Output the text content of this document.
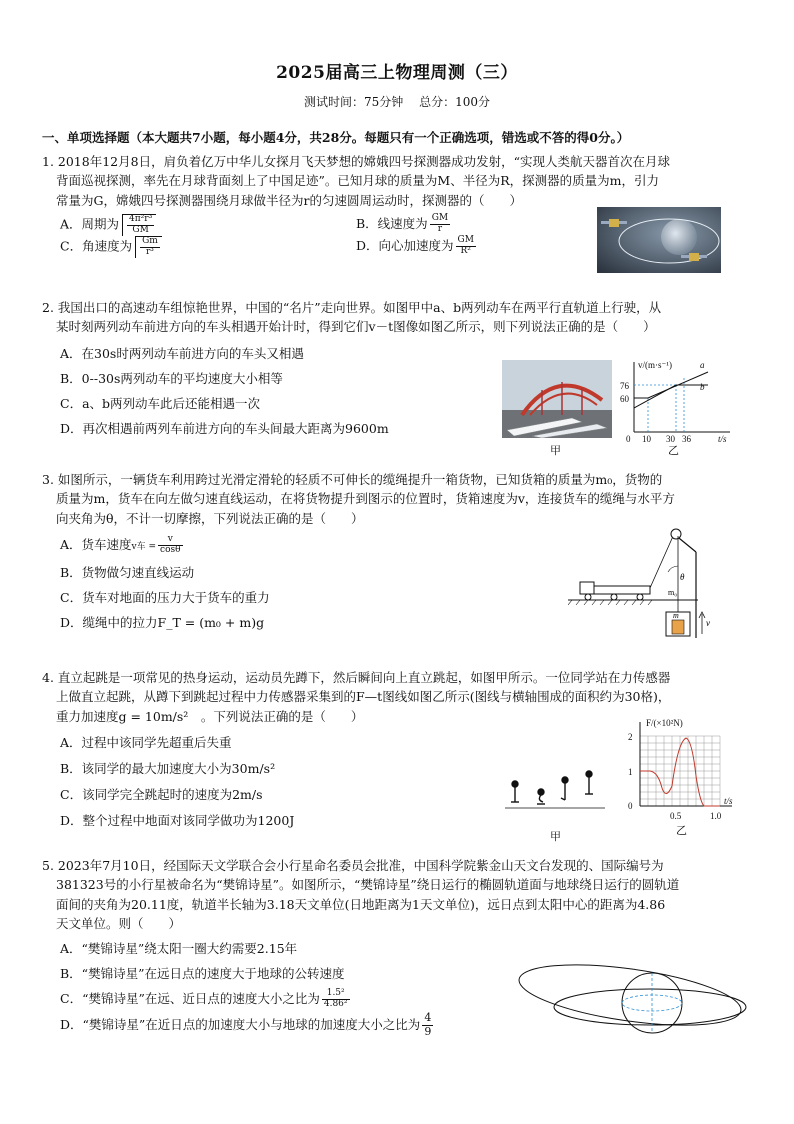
2025届高三上物理周测（三）
测试时间：75分钟 总分：100分
一、单项选择题（本大题共7小题，每小题4分，共28分。每题只有一个正确选项，错选或不答的得0分。）
1. 2018年12月8日，肩负着亿万中华儿女探月飞天梦想的嫦娥四号探测器成功发射，“实现人类航天器首次在月球
背面巡视探测，率先在月球背面刻上了中国足迹”。已知月球的质量为M、半径为R，探测器的质量为m，引力
常量为G，嫦娥四号探测器围绕月球做半径为r的匀速圆周运动时，探测器的（　　）
A．周期为 $\frac{\text{4π²r³}}{GM}$	B．线速度为 $\frac{GM}{r}$
C．角速度为 $\frac{Gm}{\text{r³}}$	D．向心加速度为 $\frac{GM}{\text{R²}}$
2. 我国出口的高速动车组惊艳世界，中国的“名片”走向世界。如图甲中a、b两列动车在两平行直轨道上行驶，从
某时刻两列动车前进方向的车头相遇开始计时，得到它们v－t图像如图乙所示，则下列说法正确的是（　　）
A．在30s时两列动车前进方向的车头又相遇
B．0--30s两列动车的平均速度大小相等
C．a、b两列动车此后还能相遇一次
D．再次相遇前两列车前进方向的车头间最大距离为9600m
甲
v/(m·s⁻¹)
t/s
76
60
0 10 30 36
a
b
乙
3. 如图所示，一辆货车利用跨过光滑定滑轮的轻质不可伸长的缆绳提升一箱货物，已知货箱的质量为m₀，货物的
质量为m，货车在向左做匀速直线运动，在将货物提升到图示的位置时，货箱速度为v，连接货车的缆绳与水平方
向夹角为θ，不计一切摩擦，下列说法正确的是（　　）
A．货车速度v车 = $\frac{v}{\cos\theta}$
B．货物做匀速直线运动
C．货车对地面的压力大于货车的重力
D．缆绳中的拉力F_T = (m₀ + m)g
θ
m₀
m
v
4. 直立起跳是一项常见的热身运动，运动员先蹲下，然后瞬间向上直立跳起，如图甲所示。一位同学站在力传感器
上做直立起跳，从蹲下到跳起过程中力传感器采集到的F—t图线如图乙所示(图线与横轴围成的面积约为30格)，
重力加速度g = 10m/s²　。下列说法正确的是（　　）
A．过程中该同学先超重后失重
B．该同学的最大加速度大小为30m/s²
C．该同学完全跳起时的速度为2m/s
D．整个过程中地面对该同学做功为1200J
甲
F/(×10²N)
t/s
2
1
0
0.5	1.0
乙
5. 2023年7月10日，经国际天文学联合会小行星命名委员会批准，中国科学院紫金山天文台发现的、国际编号为
381323号的小行星被命名为“樊锦诗星”。如图所示，“樊锦诗星”绕日运行的椭圆轨道面与地球绕日运行的圆轨道
面间的夹角为20.11度，轨道半长轴为3.18天文单位(日地距离为1天文单位)，远日点到太阳中心的距离为4.86
天文单位。则（　　）
A．“樊锦诗星”绕太阳一圈大约需要2.15年
B．“樊锦诗星”在远日点的速度大于地球的公转速度
C．“樊锦诗星”在远、近日点的速度大小之比为 $\frac{\text{1.5²}}{\text{4.86²}}$
D．“樊锦诗星”在近日点的加速度大小与地球的加速度大小之比为 $\frac{4}{9}$
